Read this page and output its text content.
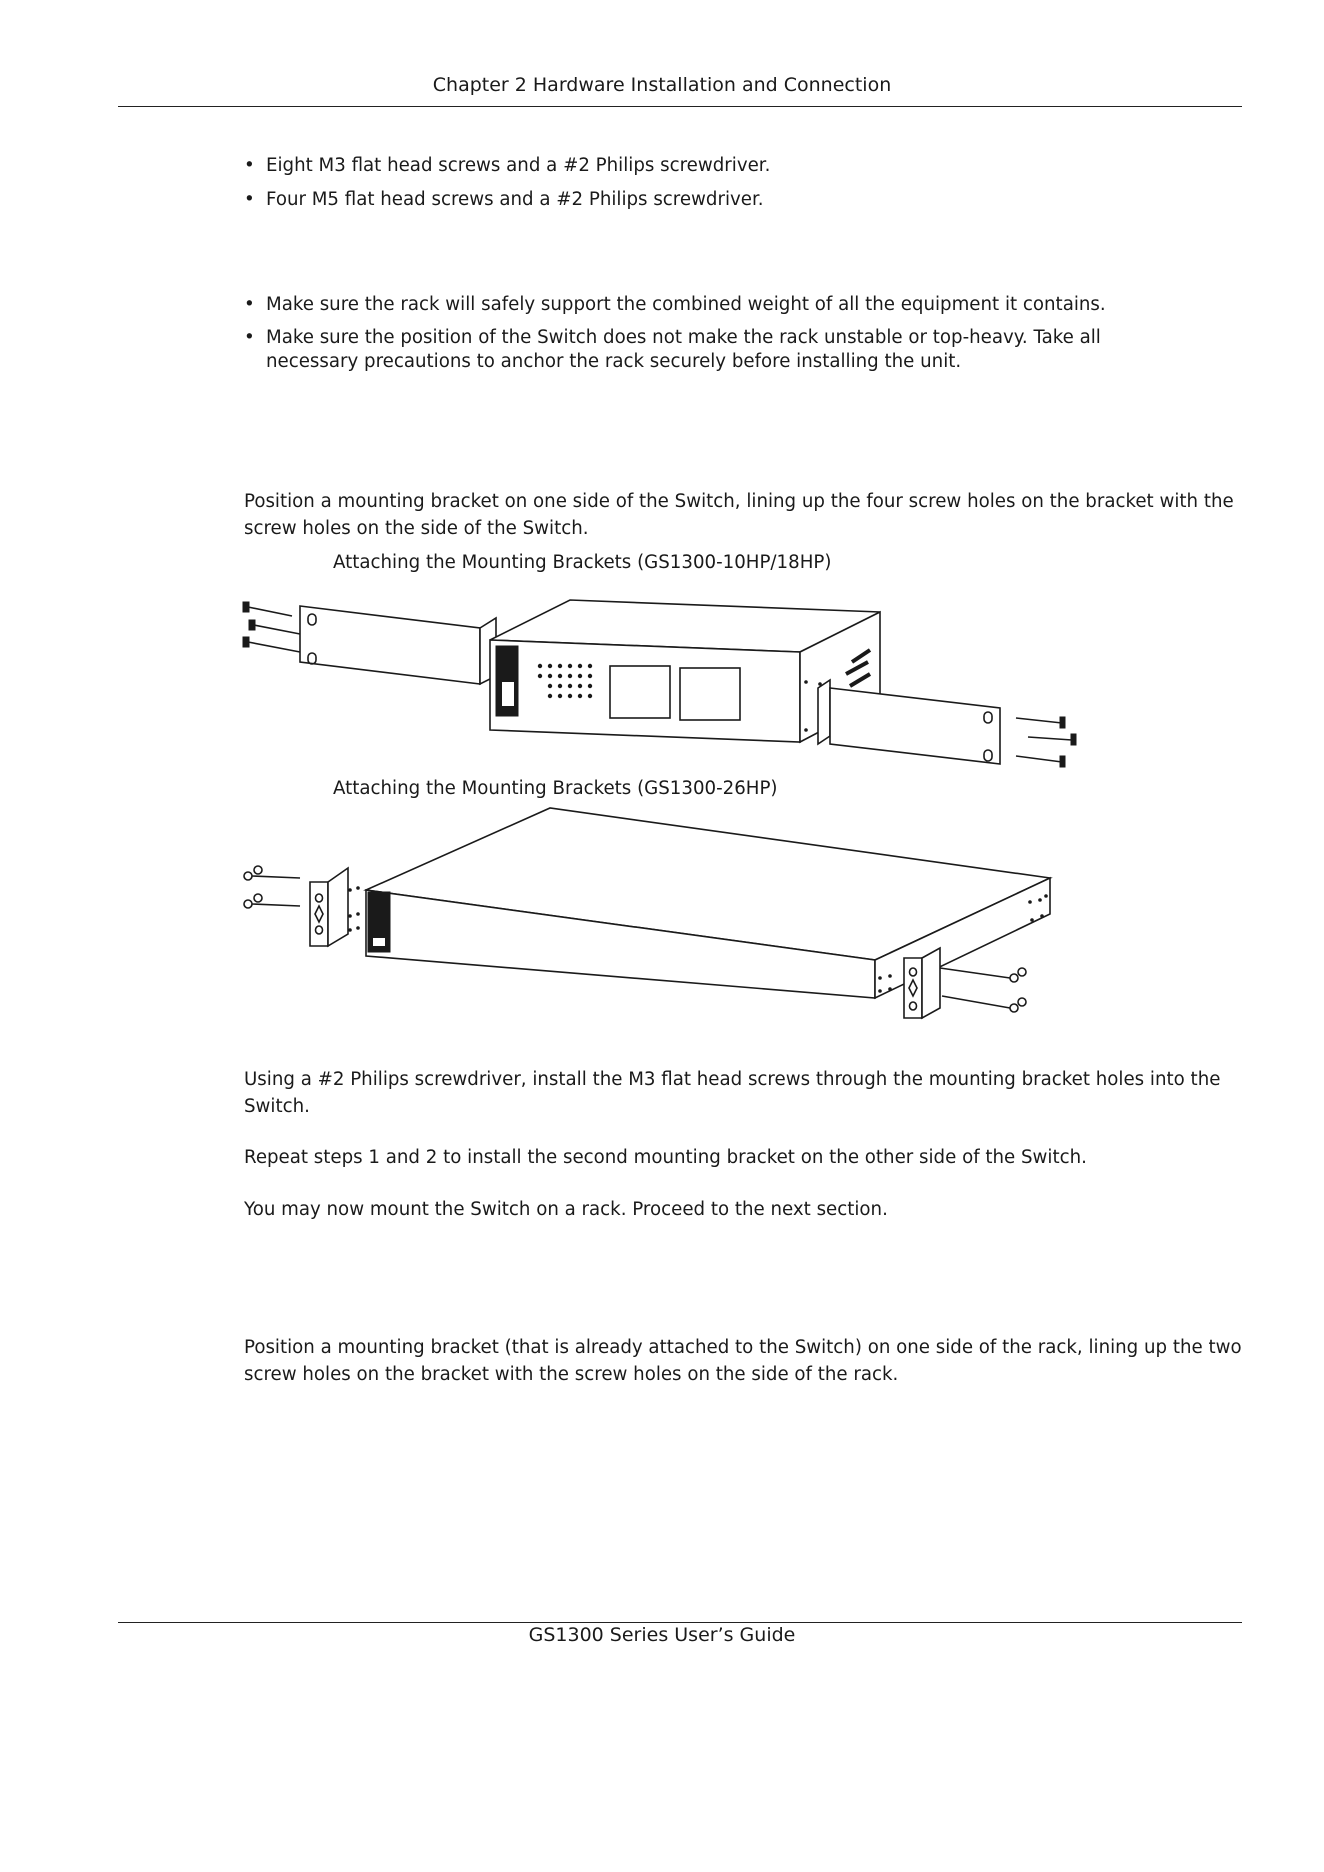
Chapter 2 Hardware Installation and Connection
• Eight M3 flat head screws and a #2 Philips screwdriver.
• Four M5 flat head screws and a #2 Philips screwdriver.
• Make sure the rack will safely support the combined weight of all the equipment it contains.
• Make sure the position of the Switch does not make the rack unstable or top-heavy. Take all necessary precautions to anchor the rack securely before installing the unit.
Position a mounting bracket on one side of the Switch, lining up the four screw holes on the bracket with the screw holes on the side of the Switch.
Attaching the Mounting Brackets (GS1300-10HP/18HP)
Attaching the Mounting Brackets (GS1300-26HP)
Using a #2 Philips screwdriver, install the M3 flat head screws through the mounting bracket holes into the Switch.
Repeat steps 1 and 2 to install the second mounting bracket on the other side of the Switch.
You may now mount the Switch on a rack. Proceed to the next section.
Position a mounting bracket (that is already attached to the Switch) on one side of the rack, lining up the two screw holes on the bracket with the screw holes on the side of the rack.
GS1300 Series User’s Guide
